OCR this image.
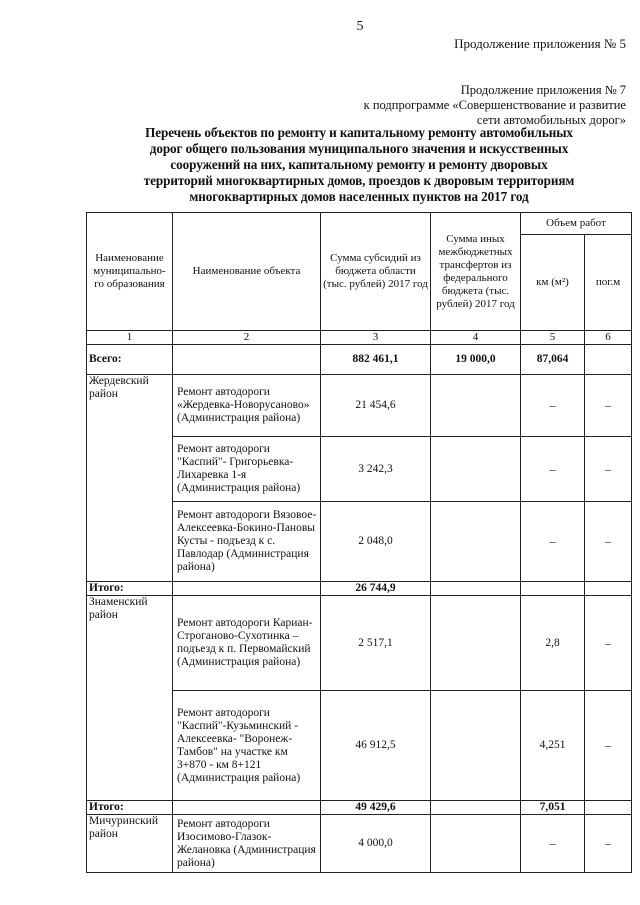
5
Продолжение приложения № 5
Продолжение приложения № 7
к подпрограмме «Совершенствование и развитие
сети автомобильных дорог»
Перечень объектов по ремонту и капитальному ремонту автомобильных
дорог общего пользования муниципального значения и искусственных
сооружений на них, капитальному ремонту и ремонту дворовых
территорий многоквартирных домов, проездов к дворовым территориям
многоквартирных домов населенных пунктов на 2017 год
Наименование муниципально-го образования	Наименование объекта	Сумма субсидий из бюджета области (тыс. рублей) 2017 год	Сумма иных межбюджетных трансфертов из федерального бюджета (тыс. рублей) 2017 год	Объем работ	
				км (м²)	пог.м
1	2	3	4	5	6
Всего:		882 461,1	19 000,0	87,064	
Жердевский район	Ремонт автодороги «Жердевка-Новорусаново» (Администрация района)	21 454,6		–	–
	Ремонт автодороги "Каспий"- Григорьевка-Лихаревка 1-я (Администрация района)	3 242,3		–	–
	Ремонт автодороги Вязовое- Алексеевка-Бокино-Пановы Кусты - подъезд к с. Павлодар (Администрация района)	2 048,0		–	–
Итого:		26 744,9			
Знаменский район	Ремонт автодороги Кариан-Строганово-Сухотинка – подъезд к п. Первомайский (Администрация района)	2 517,1		2,8	–
	Ремонт автодороги "Каспий"-Кузьминский - Алексеевка- "Воронеж-Тамбов" на участке км 3+870 - км 8+121 (Администрация района)	46 912,5		4,251	–
Итого:		49 429,6		7,051	
Мичуринский район	Ремонт автодороги Изосимово-Глазок-Желановка (Администрация района)	4 000,0		–	–
